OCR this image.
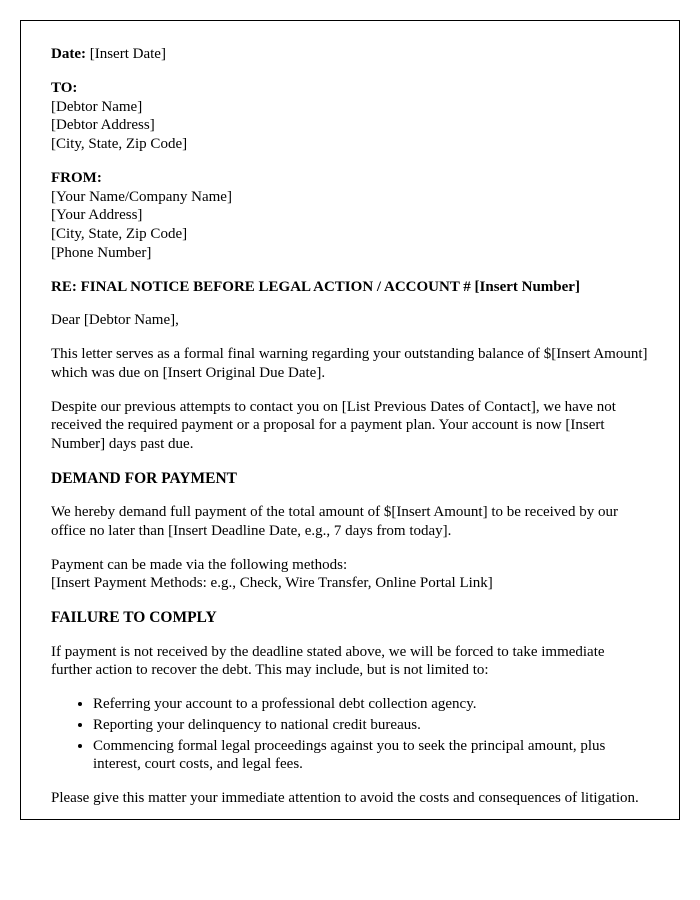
Date: [Insert Date]

TO:

[Debtor Name]

[Debtor Address]

[City, State, Zip Code]

FROM:

[Your Name/Company Name]

[Your Address]

[City, State, Zip Code]

[Phone Number]

RE: FINAL NOTICE BEFORE LEGAL ACTION / ACCOUNT # [Insert Number]

Dear [Debtor Name],

This letter serves as a formal final warning regarding your outstanding balance of $[Insert Amount] which was due on [Insert Original Due Date].

Despite our previous attempts to contact you on [List Previous Dates of Contact], we have not received the required payment or a proposal for a payment plan. Your account is now [Insert Number] days past due.

DEMAND FOR PAYMENT

We hereby demand full payment of the total amount of $[Insert Amount] to be received by our office no later than [Insert Deadline Date, e.g., 7 days from today].

Payment can be made via the following methods:

[Insert Payment Methods: e.g., Check, Wire Transfer, Online Portal Link]

FAILURE TO COMPLY

If payment is not received by the deadline stated above, we will be forced to take immediate further action to recover the debt. This may include, but is not limited to:

• Referring your account to a professional debt collection agency.
• Reporting your delinquency to national credit bureaus.
• Commencing formal legal proceedings against you to seek the principal amount, plus interest, court costs, and legal fees.

Please give this matter your immediate attention to avoid the costs and consequences of litigation.
